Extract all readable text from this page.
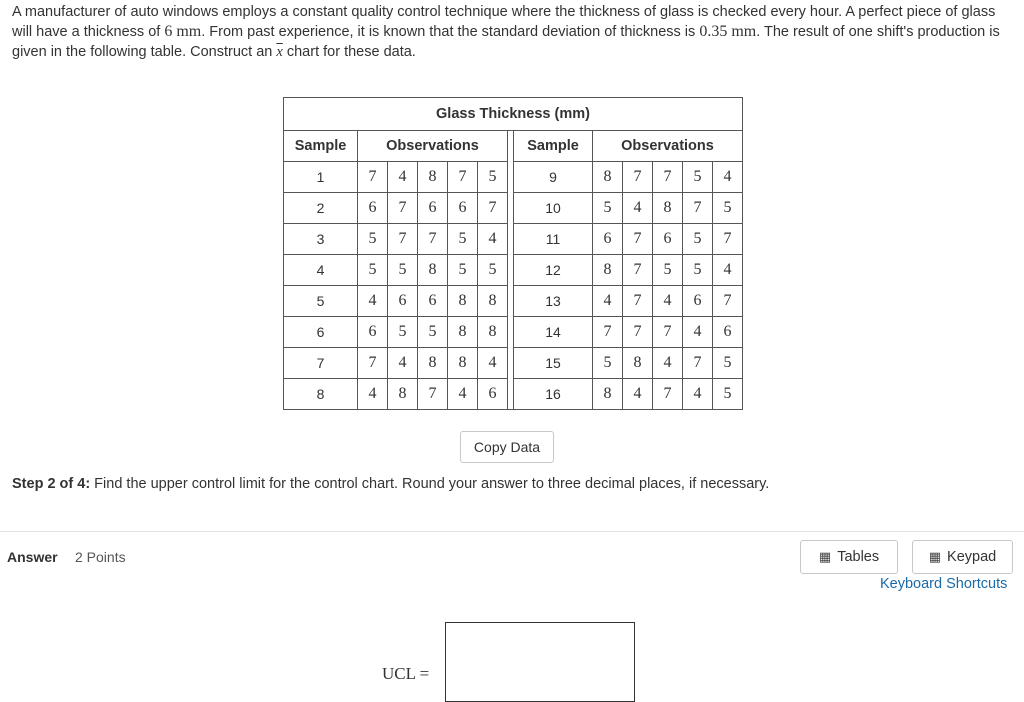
A manufacturer of auto windows employs a constant quality control technique where the thickness of glass is checked every hour. A perfect piece of glass will have a thickness of 6 mm. From past experience, it is known that the standard deviation of thickness is 0.35 mm. The result of one shift's production is given in the following table. Construct an $\overline{x}$ chart for these data.
Glass Thickness (mm)												
Sample	Observations						Sample	Observations				
1	7	4	8	7	5		9	8	7	7	5	4
2	6	7	6	6	7		10	5	4	8	7	5
3	5	7	7	5	4		11	6	7	6	5	7
4	5	5	8	5	5		12	8	7	5	5	4
5	4	6	6	8	8		13	4	7	4	6	7
6	6	5	5	8	8		14	7	7	7	4	6
7	7	4	8	8	4		15	5	8	4	7	5
8	4	8	7	4	6		16	8	4	7	4	5
Copy Data
Step 2 of 4: Find the upper control limit for the control chart. Round your answer to three decimal places, if necessary.
Answer 2 Points	▦ Tables	▦ Keypad
Keyboard Shortcuts
UCL =
